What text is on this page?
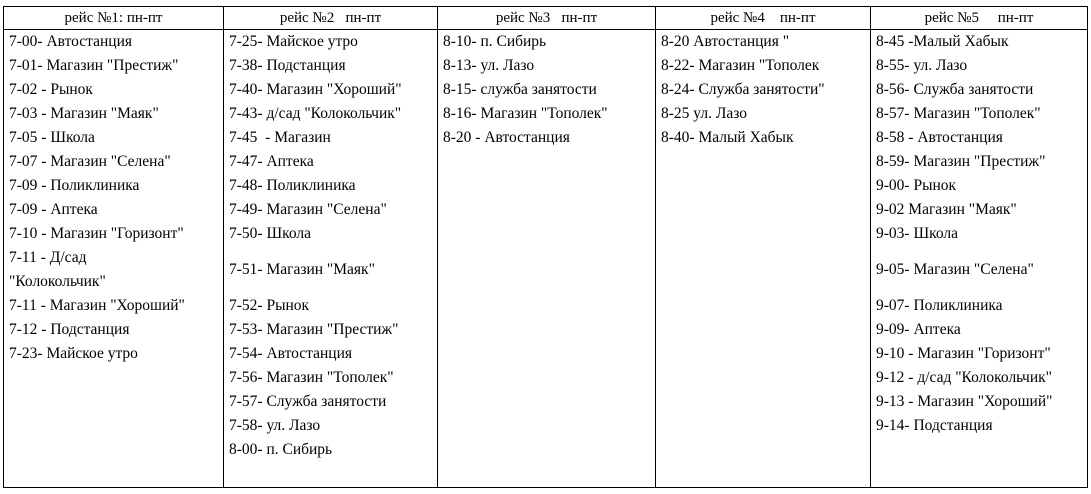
рейс №1: пн-пт
7-00- Автостанция
7-01- Магазин "Престиж"
7-02 - Рынок
7-03 - Магазин "Маяк"
7-05 - Школа
7-07 - Магазин "Селена"
7-09 - Поликлиника
7-09 - Аптека
7-10 - Магазин "Горизонт"
7-11 - Д/сад
"Колокольчик"
7-11 - Магазин "Хороший"
7-12 - Подстанция
7-23- Майское утро
рейс №2   пн-пт
7-25- Майское утро
7-38- Подстанция
7-40- Магазин "Хороший"
7-43- д/сад "Колокольчик"
7-45  - Магазин
7-47- Аптека
7-48- Поликлиника
7-49- Магазин "Селена"
7-50- Школа
7-51- Магазин "Маяк"
7-52- Рынок
7-53- Магазин "Престиж"
7-54- Автостанция
7-56- Магазин "Тополек"
7-57- Служба занятости
7-58- ул. Лазо
8-00- п. Сибирь
рейс №3   пн-пт
8-10- п. Сибирь
8-13- ул. Лазо
8-15- служба занятости
8-16- Магазин "Тополек"
8-20 - Автостанция
рейс №4    пн-пт
8-20 Автостанция "
8-22- Магазин "Тополек
8-24- Служба занятости"
8-25 ул. Лазо
8-40- Малый Хабык
рейс №5     пн-пт
8-45 -Малый Хабык
8-55- ул. Лазо
8-56- Служба занятости
8-57- Магазин "Тополек"
8-58 - Автостанция
8-59- Магазин "Престиж"
9-00- Рынок
9-02 Магазин "Маяк"
9-03- Школа
9-05- Магазин "Селена"
9-07- Поликлиника
9-09- Аптека
9-10 - Магазин "Горизонт"
9-12 - д/сад "Колокольчик"
9-13 - Магазин "Хороший"
9-14- Подстанция
